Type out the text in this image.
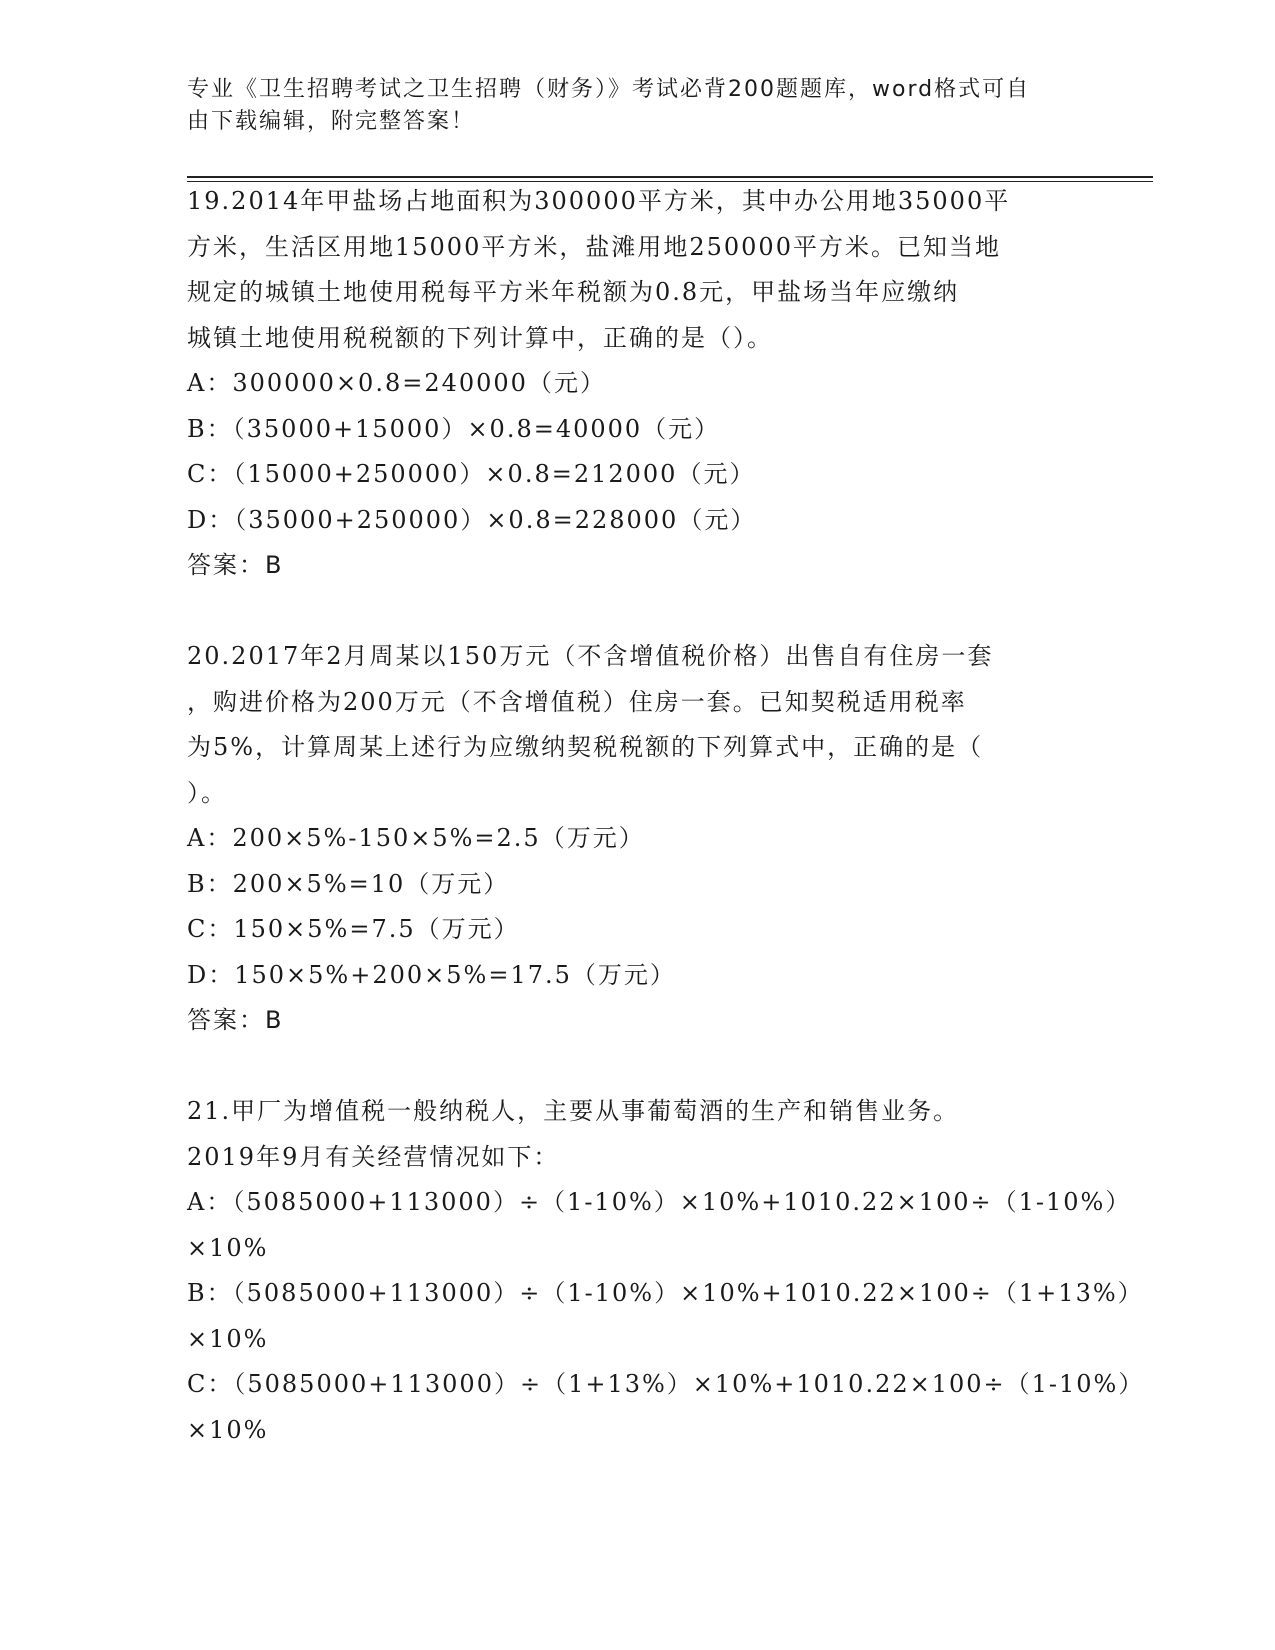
专业《卫生招聘考试之卫生招聘（财务）》考试必背200题题库，word格式可自
由下载编辑，附完整答案！
19.2014年甲盐场占地面积为300000平方米，其中办公用地35000平
方米，生活区用地15000平方米，盐滩用地250000平方米。已知当地
规定的城镇土地使用税每平方米年税额为0.8元，甲盐场当年应缴纳
城镇土地使用税税额的下列计算中，正确的是（）。
A：300000×0.8=240000（元）
B：（35000+15000）×0.8=40000（元）
C：（15000+250000）×0.8=212000（元）
D：（35000+250000）×0.8=228000（元）
答案：B
20.2017年2月周某以150万元（不含增值税价格）出售自有住房一套
，购进价格为200万元（不含增值税）住房一套。已知契税适用税率
为5%，计算周某上述行为应缴纳契税税额的下列算式中，正确的是（
）。
A：200×5%-150×5%=2.5（万元）
B：200×5%=10（万元）
C：150×5%=7.5（万元）
D：150×5%+200×5%=17.5（万元）
答案：B
21.甲厂为增值税一般纳税人，主要从事葡萄酒的生产和销售业务。
2019年9月有关经营情况如下：
A：（5085000+113000）÷（1-10%）×10%+1010.22×100÷（1-10%）
×10%
B：（5085000+113000）÷（1-10%）×10%+1010.22×100÷（1+13%）
×10%
C：（5085000+113000）÷（1+13%）×10%+1010.22×100÷（1-10%）
×10%
